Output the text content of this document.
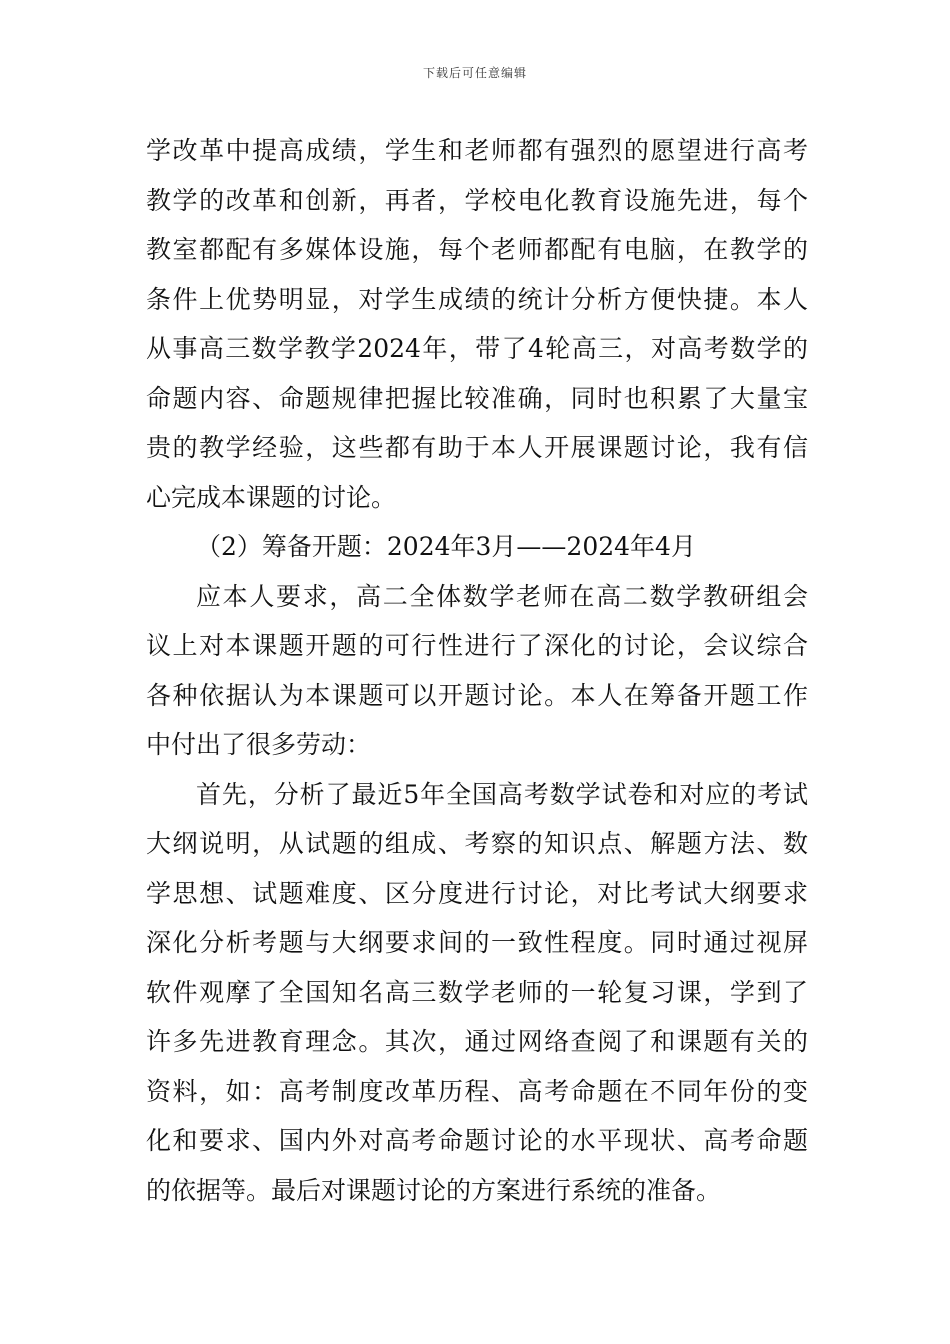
下载后可任意编辑
学改革中提高成绩，学生和老师都有强烈的愿望进行高考
教学的改革和创新，再者，学校电化教育设施先进，每个
教室都配有多媒体设施，每个老师都配有电脑，在教学的
条件上优势明显，对学生成绩的统计分析方便快捷。本人
从事高三数学教学2024年，带了4轮高三，对高考数学的
命题内容、命题规律把握比较准确，同时也积累了大量宝
贵的教学经验，这些都有助于本人开展课题讨论，我有信
心完成本课题的讨论。
（2）筹备开题：2024年3月——2024年4月
应本人要求，高二全体数学老师在高二数学教研组会
议上对本课题开题的可行性进行了深化的讨论，会议综合
各种依据认为本课题可以开题讨论。本人在筹备开题工作
中付出了很多劳动：
首先，分析了最近5年全国高考数学试卷和对应的考试
大纲说明，从试题的组成、考察的知识点、解题方法、数
学思想、试题难度、区分度进行讨论，对比考试大纲要求
深化分析考题与大纲要求间的一致性程度。同时通过视屏
软件观摩了全国知名高三数学老师的一轮复习课，学到了
许多先进教育理念。其次，通过网络查阅了和课题有关的
资料，如：高考制度改革历程、高考命题在不同年份的变
化和要求、国内外对高考命题讨论的水平现状、高考命题
的依据等。最后对课题讨论的方案进行系统的准备。
